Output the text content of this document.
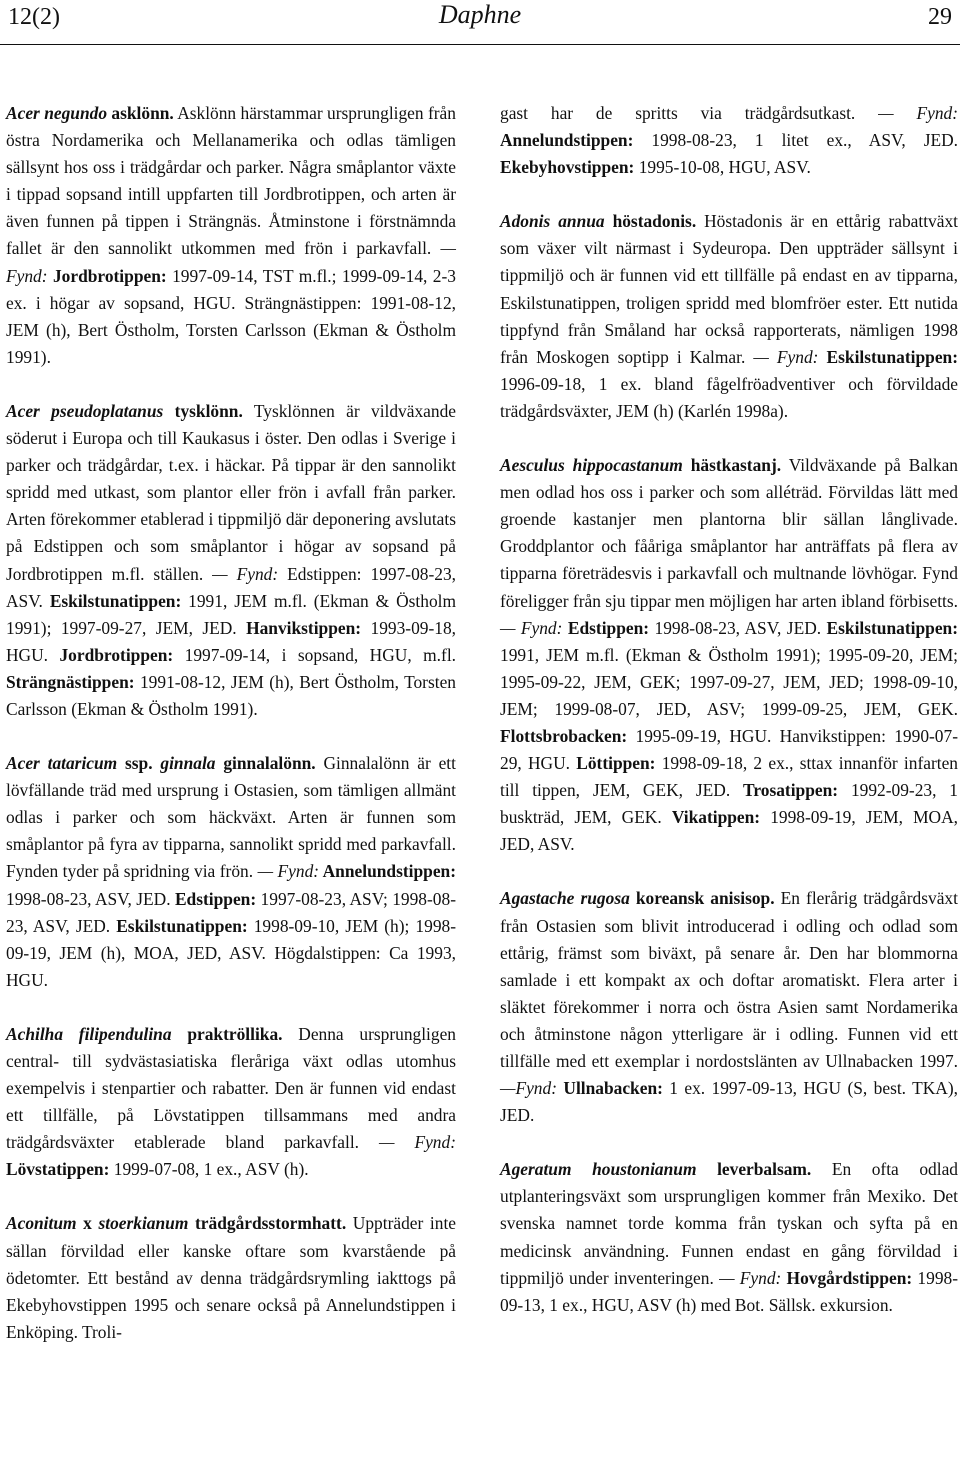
12(2)	Daphne	29

Acer negundo asklönn. Asklönn härstammar ursprungligen från östra Nordamerika och Mellanamerika och odlas tämligen sällsynt hos oss i trädgårdar och parker. Några småplantor växte i tippad sopsand intill uppfarten till Jordbrotippen, och arten är även funnen på tippen i Strängnäs. Åtminstone i förstnämnda fallet är den sannolikt utkommen med frön i parkavfall. — Fynd: Jordbrotippen: 1997-09-14, TST m.fl.; 1999-09-14, 2-3 ex. i högar av sopsand, HGU. Strängnästippen: 1991-08-12, JEM (h), Bert Östholm, Torsten Carlsson (Ekman & Östholm 1991).

Acer pseudoplatanus tysklönn. Tysklönnen är vildväxande söderut i Europa och till Kaukasus i öster. Den odlas i Sverige i parker och trädgårdar, t.ex. i häckar. På tippar är den sannolikt spridd med utkast, som plantor eller frön i avfall från parker. Arten förekommer etablerad i tippmiljö där deponering avslutats på Edstippen och som småplantor i högar av sopsand på Jordbrotippen m.fl. ställen. — Fynd: Edstippen: 1997-08-23, ASV. Eskilstunatippen: 1991, JEM m.fl. (Ekman & Östholm 1991); 1997-09-27, JEM, JED. Hanvikstippen: 1993-09-18, HGU. Jordbrotippen: 1997-09-14, i sopsand, HGU, m.fl. Strängnästippen: 1991-08-12, JEM (h), Bert Östholm, Torsten Carlsson (Ekman & Östholm 1991).

Acer tataricum ssp. ginnala ginnalalönn. Ginnalalönn är ett lövfällande träd med ursprung i Ostasien, som tämligen allmänt odlas i parker och som häckväxt. Arten är funnen som småplantor på fyra av tipparna, sannolikt spridd med parkavfall. Fynden tyder på spridning via frön. — Fynd: Annelundstippen: 1998-08-23, ASV, JED. Edstippen: 1997-08-23, ASV; 1998-08-23, ASV, JED. Eskilstunatippen: 1998-09-10, JEM (h); 1998-09-19, JEM (h), MOA, JED, ASV. Högdalstippen: Ca 1993, HGU.

Achilha filipendulina praktröllika. Denna ursprungligen central- till sydvästasiatiska fleråriga växt odlas utomhus exempelvis i stenpartier och rabatter. Den är funnen vid endast ett tillfälle, på Lövstatippen tillsammans med andra trädgårdsväxter etablerade bland parkavfall. — Fynd: Lövstatippen: 1999-07-08, 1 ex., ASV (h).

Aconitum x stoerkianum trädgårdsstormhatt. Uppträder inte sällan förvildad eller kanske oftare som kvarstående på ödetomter. Ett bestånd av denna trädgårdsrymling iakttogs på Ekebyhovstippen 1995 och senare också på Annelundstippen i Enköping. Troli-

gast har de spritts via trädgårdsutkast. — Fynd: Annelundstippen: 1998-08-23, 1 litet ex., ASV, JED. Ekebyhovstippen: 1995-10-08, HGU, ASV.

Adonis annua höstadonis. Höstadonis är en ettårig rabattväxt som växer vilt närmast i Sydeuropa. Den uppträder sällsynt i tippmiljö och är funnen vid ett tillfälle på endast en av tipparna, Eskilstunatippen, troligen spridd med blomfröer ester. Ett nutida tippfynd från Småland har också rapporterats, nämligen 1998 från Moskogen soptipp i Kalmar. — Fynd: Eskilstunatippen: 1996-09-18, 1 ex. bland fågelfröadventiver och förvildade trädgårdsväxter, JEM (h) (Karlén 1998a).

Aesculus hippocastanum hästkastanj. Vildväxande på Balkan men odlad hos oss i parker och som alléträd. Förvildas lätt med groende kastanjer men plantorna blir sällan långlivade. Groddplantor och fååriga småplantor har anträffats på flera av tipparna företrädesvis i parkavfall och multnande lövhögar. Fynd föreligger från sju tippar men möjligen har arten ibland förbisetts. — Fynd: Edstippen: 1998-08-23, ASV, JED. Eskilstunatippen: 1991, JEM m.fl. (Ekman & Östholm 1991); 1995-09-20, JEM; 1995-09-22, JEM, GEK; 1997-09-27, JEM, JED; 1998-09-10, JEM; 1999-08-07, JED, ASV; 1999-09-25, JEM, GEK. Flottsbrobacken: 1995-09-19, HGU. Hanvikstippen: 1990-07-29, HGU. Löttippen: 1998-09-18, 2 ex., sttax innanför infarten till tippen, JEM, GEK, JED. Trosatippen: 1992-09-23, 1 buskträd, JEM, GEK. Vikatippen: 1998-09-19, JEM, MOA, JED, ASV.

Agastache rugosa koreansk anisisop. En flerårig trädgårdsväxt från Ostasien som blivit introducerad i odling och odlad som ettårig, främst som biväxt, på senare år. Den har blommorna samlade i ett kompakt ax och doftar aromatiskt. Flera arter i släktet förekommer i norra och östra Asien samt Nordamerika och åtminstone någon ytterligare är i odling. Funnen vid ett tillfälle med ett exemplar i nordostslänten av Ullnabacken 1997. —Fynd: Ullnabacken: 1 ex. 1997-09-13, HGU (S, best. TKA), JED.

Ageratum houstonianum leverbalsam. En ofta odlad utplanteringsväxt som ursprungligen kommer från Mexiko. Det svenska namnet torde komma från tyskan och syfta på en medicinsk användning. Funnen endast en gång förvildad i tippmiljö under inventeringen. — Fynd: Hovgårdstippen: 1998-09-13, 1 ex., HGU, ASV (h) med Bot. Sällsk. exkursion.
